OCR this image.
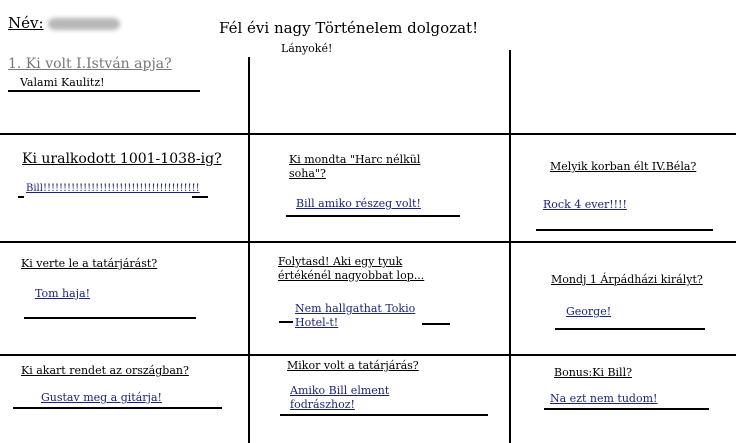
Név:	Fél évi nagy Történelem dolgozat!
Lányoké!
1. Ki volt I.István apja?
Valami Kaulitz!
Ki uralkodott 1001-1038-ig?
Bill!!!!!!!!!!!!!!!!!!!!!!!!!!!!!!!!!!!!!!!
Ki mondta "Harc nélkül
soha"?
Bill amiko részeg volt!
Melyik korban élt IV.Béla?
Rock 4 ever!!!!
Ki verte le a tatárjárást?
Tom haja!
Folytasd! Aki egy tyuk
értékénél nagyobbat lop...
Nem hallgathat Tokio
Hotel-t!
Mondj 1 Árpádházi királyt?
George!
Ki akart rendet az országban?
Gustav meg a gitárja!
Mikor volt a tatárjárás?
Amiko Bill elment
fodrászhoz!
Bonus:Ki Bill?
Na ezt nem tudom!
